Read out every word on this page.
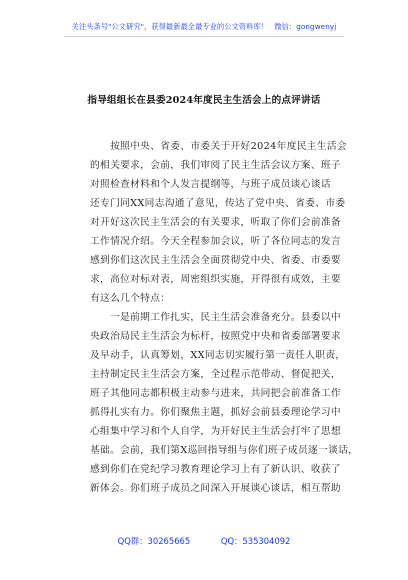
关注头条号"公文研究"，获得最新最全最专业的公文资料库！ 微信：gongwenyj
指导组组长在县委2024年度民主生活会上的点评讲话

　　按照中央、省委、市委关于开好2024年度民主生活会
的相关要求，会前，我们审阅了民主生活会议方案、班子
对照检查材料和个人发言提纲等，与班子成员谈心谈话
还专门同XX同志沟通了意见，传达了党中央、省委、市委
对开好这次民主生活会的有关要求，听取了你们会前准备
工作情况介绍。今天全程参加会议，听了各位同志的发言
感到你们这次民主生活会全面贯彻党中央、省委、市委要
求，高位对标对表，周密组织实施，开得很有成效，主要
有这么几个特点：

　　一是前期工作扎实，民主生活会准备充分。县委以中
央政治局民主生活会为标杆，按照党中央和省委部署要求
及早动手，认真筹划，XX同志切实履行第一责任人职责，
主持制定民主生活会方案，全过程示范带动、督促把关，
班子其他同志都积极主动参与进来，共同把会前准备工作
抓得扎实有力。你们聚焦主题，抓好会前县委理论学习中
心组集中学习和个人自学，为开好民主生活会打牢了思想
基础。会前，我们第X巡回指导组与你们班子成员逐一谈话，
感到你们在党纪学习教育理论学习上有了新认识、收获了
新体会。你们班子成员之间深入开展谈心谈话，相互帮助

QQ群：30265665	QQ：535304092
